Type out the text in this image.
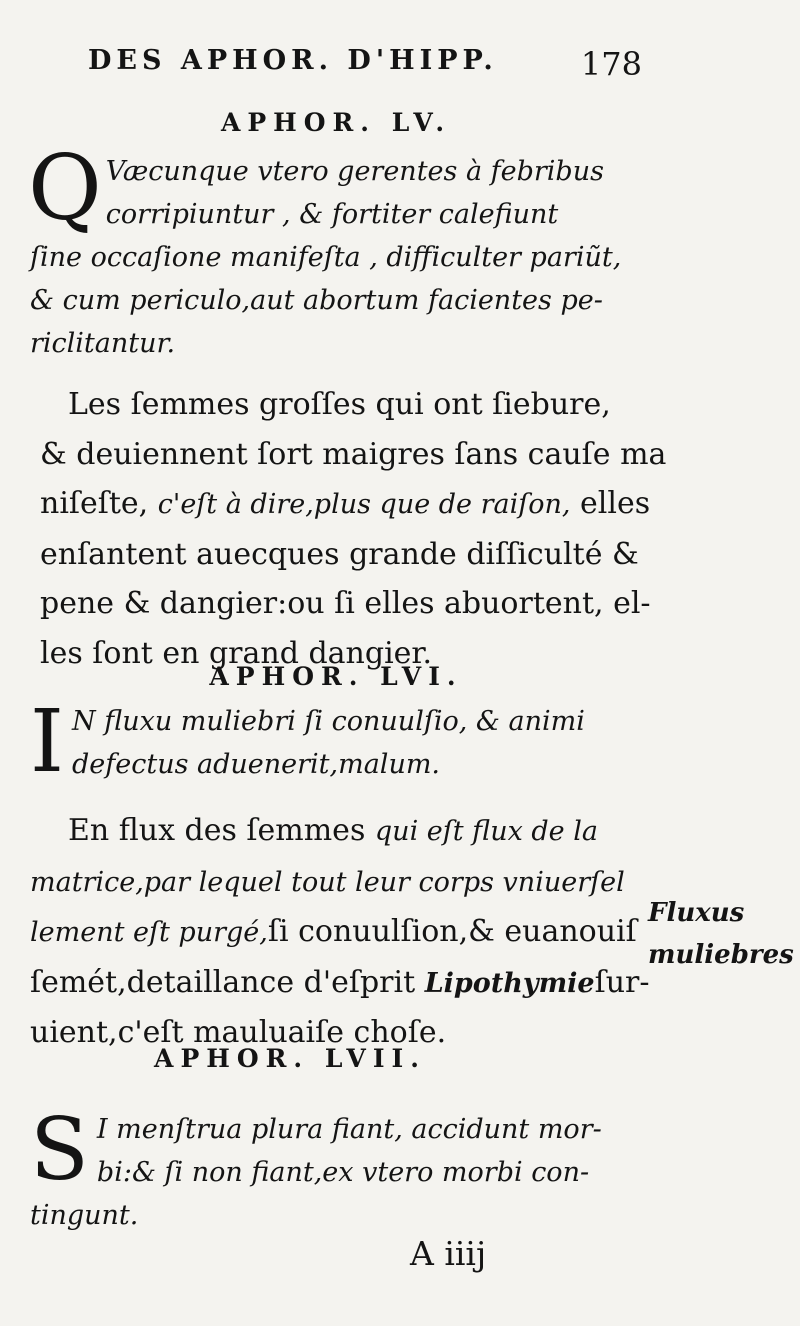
DES APHOR. D'HIPP.	178
APHOR. LV.
Q Væcunque vtero gerentes à febribus
corripiuntur , & fortiter calefiunt
ſine occaſione manifeſta , difficulter pariũt,
& cum periculo,aut abortum facientes pe-
riclitantur.
Les ſemmes groſſes qui ont ſiebure,
& deuiennent ſort maigres ſans cauſe ma
niſeſte, c'eſt à dire,plus que de raiſon, elles
enſantent auecques grande diſſiculté &
pene & dangier:ou ſi elles abuortent, el-
les ſont en grand dangier.
APHOR. LVI.
I N fluxu muliebri ſi conuulſio, & animi
defectus aduenerit,malum.
En flux des ſemmes qui eſt flux de la
matrice,par lequel tout leur corps vniuerſel
lement eſt purgé,ſi conuulſion,& euanouiſ
ſemét,detaillance d'eſprit Lipothymieſur-
uient,c'eſt mauluaiſe choſe.
Fluxus
muliebres
APHOR. LVII.
S I menſtrua plura fiant, accidunt mor-
bi:& ſi non fiant,ex vtero morbi con-
tingunt.
A iiij
